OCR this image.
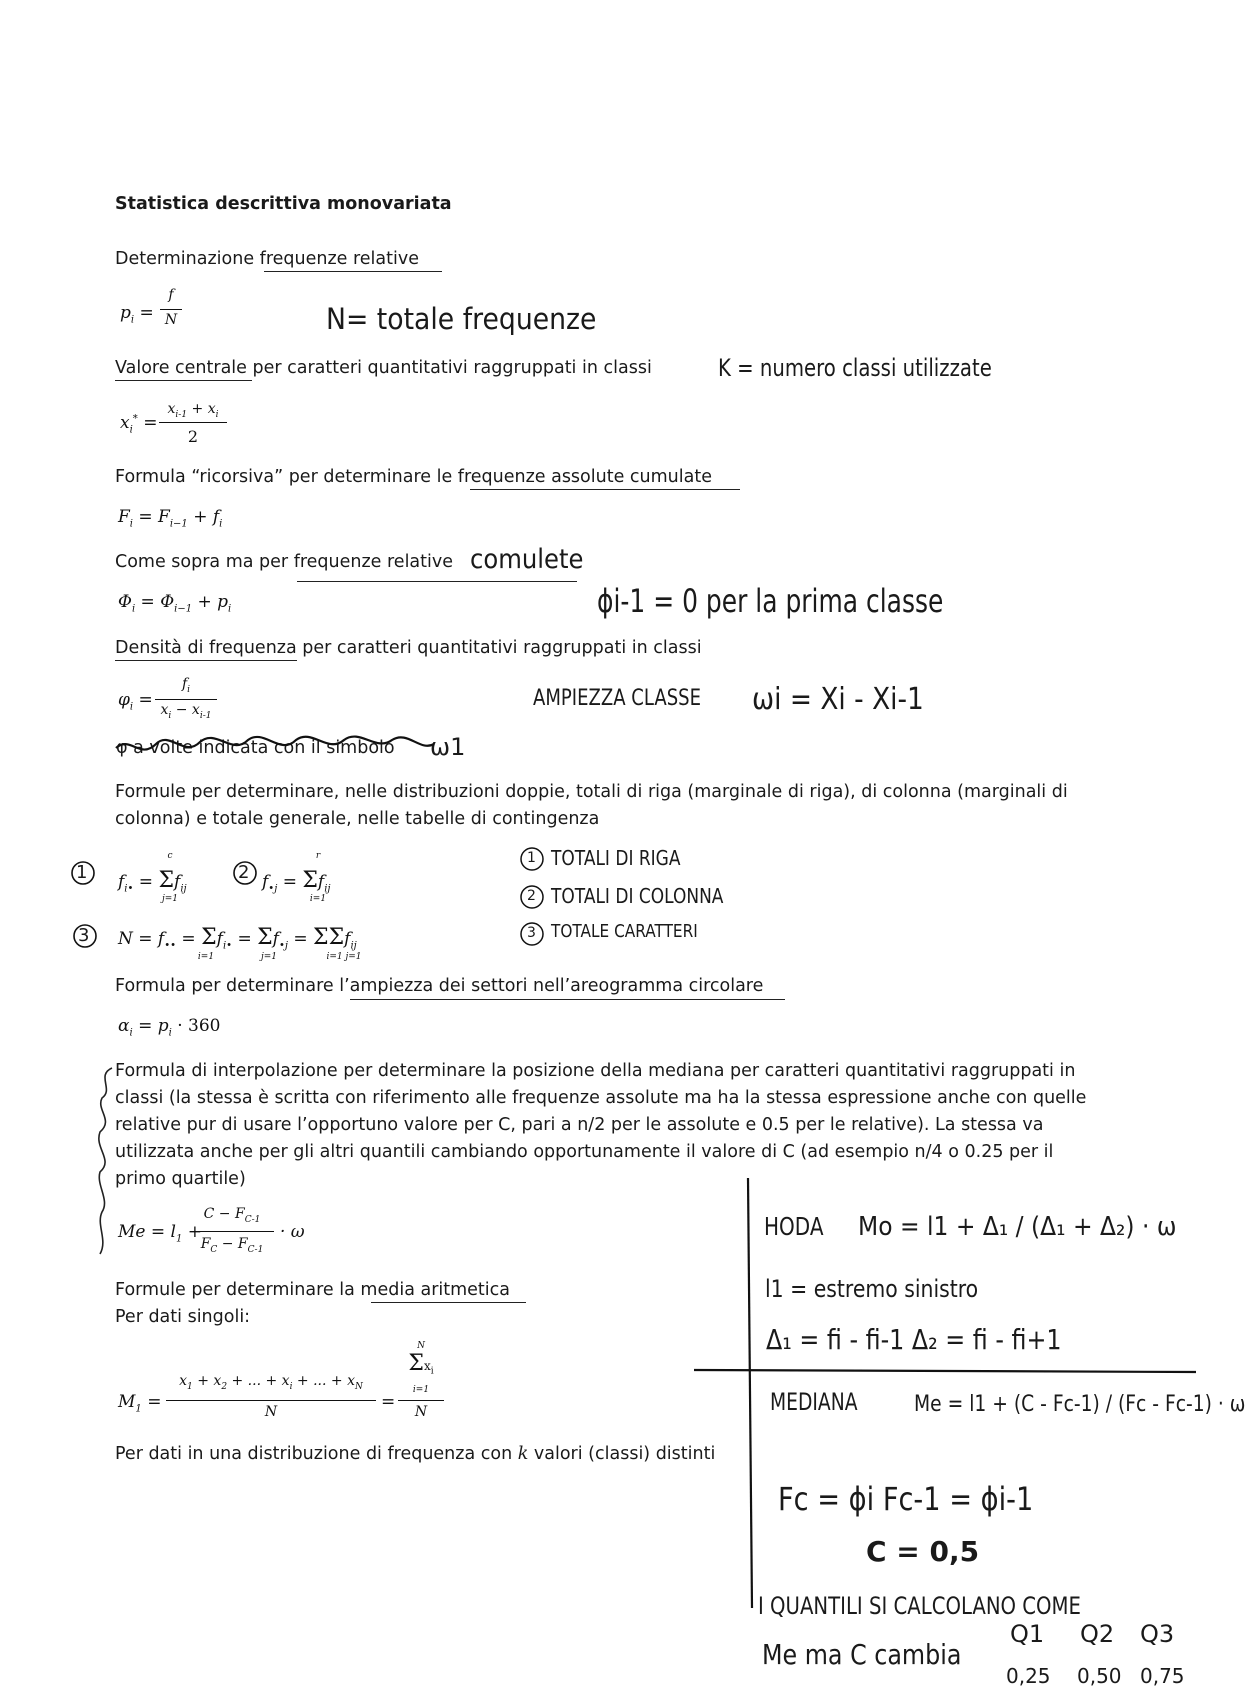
Statistica descrittiva monovariata
Determinazione frequenze relative
$p_i$ =
f
N	N= totale frequenze
Valore centrale per caratteri quantitativi raggruppati in classi	K = numero classi utilizzate
$x_i^*$ =
$x_{i-1} + x_i$
2
Formula “ricorsiva” per determinare le frequenze assolute cumulate
$F_i = F_{i-1} + f_i$
Come sopra ma per frequenze relative comulete
$\Phi_i = \Phi_{i-1} + p_i$	ϕi-1 = 0 per la prima classe
Densità di frequenza per caratteri quantitativi raggruppati in classi
$\varphi_i$ =
$f_i$
$x_i - x_{i-1}$
AMPIEZZA CLASSE ωi = Xi - Xi-1
φ a volte indicata con il simbolo ω1
Formule per determinare, nelle distribuzioni doppie, totali di riga (marginale di riga), di colonna (marginali di colonna) e totale generale, nelle tabelle di contingenza
$f_{i•} = \Sigma f_{ij}$
c
j=1
$f_{•j} = \Sigma f_{ij}$
r
i=1
$N = f_{••} = \Sigma f_{i•} = \Sigma f_{•j} = \Sigma\Sigma f_{ij}$
i=1	j=1	i=1 j=1
1	2
3
1
2
3
TOTALI DI RIGA
TOTALI DI COLONNA
TOTALE CARATTERI
Formula per determinare l’ampiezza dei settori nell’areogramma circolare
$\alpha_i = p_i \cdot 360$
Formula di interpolazione per determinare la posizione della mediana per caratteri quantitativi raggruppati in classi (la stessa è scritta con riferimento alle frequenze assolute ma ha la stessa espressione anche con quelle relative pur di usare l’opportuno valore per C, pari a n/2 per le assolute e 0.5 per le relative). La stessa va utilizzata anche per gli altri quantili cambiando opportunamente il valore di C (ad esempio n/4 o 0.25 per il primo quartile)
$Me = l_1$ +
$C - F_{C-1}$
$F_C - F_{C-1}$
· ω
Formule per determinare la media aritmetica
Per dati singoli:
$M_1$ =
$x_1 + x_2$ + ... + $x_i$ + ... + $x_N$
N	=
N
$\Sigma x_i$
i=1
N
Per dati in una distribuzione di frequenza con k valori (classi) distinti
HODA Mo = l1 + Δ₁ / (Δ₁ + Δ₂) · ω
l1 = estremo sinistro
Δ₁ = fi - fi-1 Δ₂ = fi - fi+1
MEDIANA	Me = l1 + (C - Fc-1) / (Fc - Fc-1) · ω
Fc = ϕi Fc-1 = ϕi-1
C = 0,5
I QUANTILI SI CALCOLANO COME
Me ma C cambia
Q1 Q2 Q3
0,25 0,50 0,75
